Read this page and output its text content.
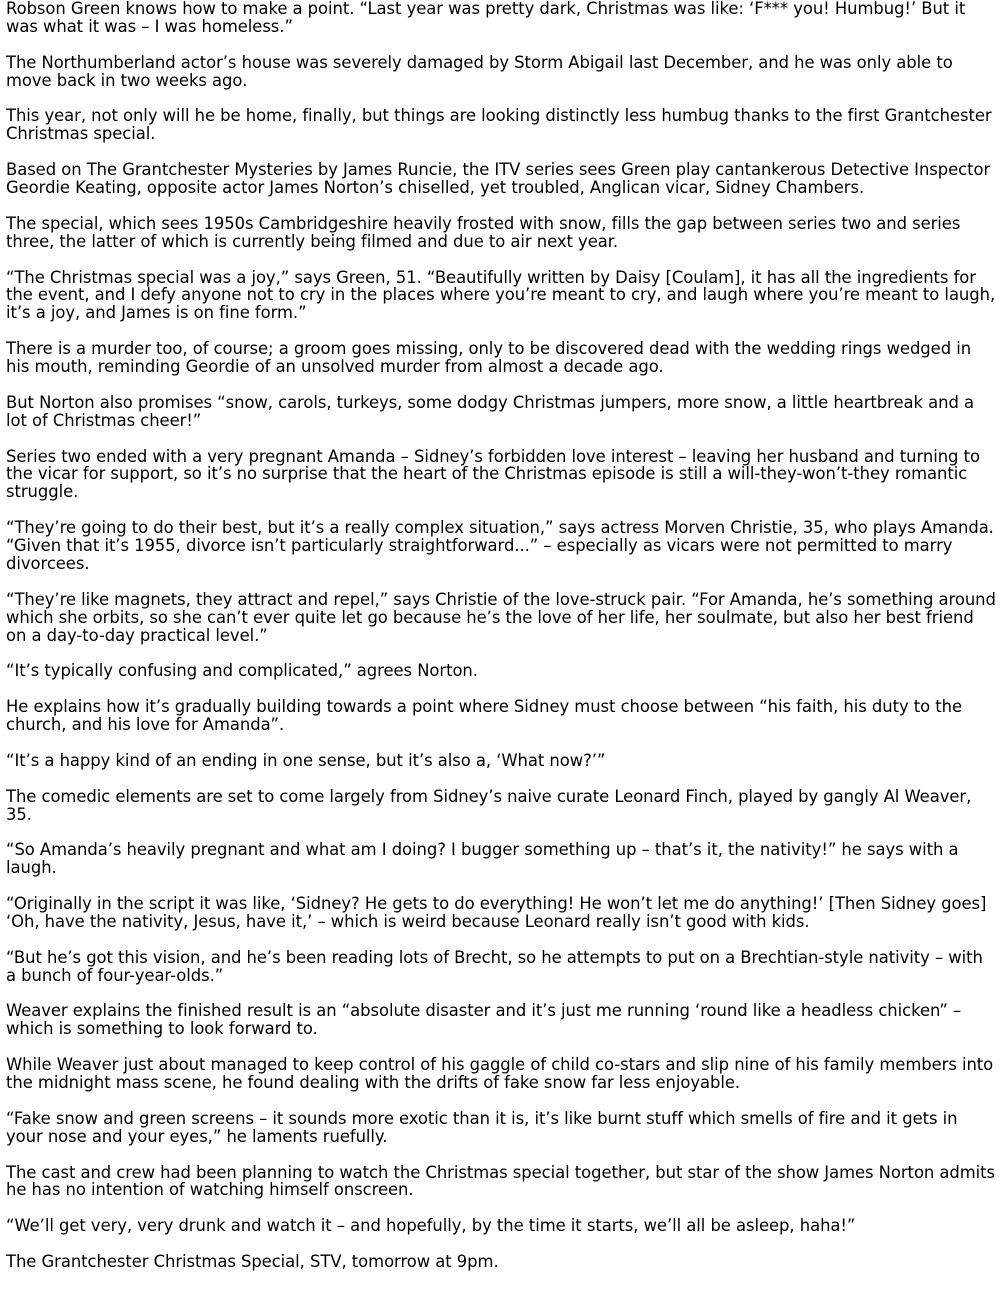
Robson Green knows how to make a point. “Last year was pretty dark, Christmas was like: ‘F*** you! Humbug!’ But it was what it was – I was homeless.”

The Northumberland actor’s house was severely damaged by Storm Abigail last December, and he was only able to move back in two weeks ago.

This year, not only will he be home, finally, but things are looking distinctly less humbug thanks to the first Grantchester Christmas special.

Based on The Grantchester Mysteries by James Runcie, the ITV series sees Green play cantankerous Detective Inspector Geordie Keating, opposite actor James Norton’s chiselled, yet troubled, Anglican vicar, Sidney Chambers.

The special, which sees 1950s Cambridgeshire heavily frosted with snow, fills the gap between series two and series three, the latter of which is currently being filmed and due to air next year.

“The Christmas special was a joy,” says Green, 51. “Beautifully written by Daisy [Coulam], it has all the ingredients for the event, and I defy anyone not to cry in the places where you’re meant to cry, and laugh where you’re meant to laugh, it’s a joy, and James is on fine form.”

There is a murder too, of course; a groom goes missing, only to be discovered dead with the wedding rings wedged in his mouth, reminding Geordie of an unsolved murder from almost a decade ago.

But Norton also promises “snow, carols, turkeys, some dodgy Christmas jumpers, more snow, a little heartbreak and a lot of Christmas cheer!”

Series two ended with a very pregnant Amanda – Sidney’s forbidden love interest – leaving her husband and turning to the vicar for support, so it’s no surprise that the heart of the Christmas episode is still a will-they-won’t-they romantic struggle.

“They’re going to do their best, but it’s a really complex situation,” says actress Morven Christie, 35, who plays Amanda. “Given that it’s 1955, divorce isn’t particularly straightforward...” – especially as vicars were not permitted to marry divorcees.

“They’re like magnets, they attract and repel,” says Christie of the love-struck pair. “For Amanda, he’s something around which she orbits, so she can’t ever quite let go because he’s the love of her life, her soulmate, but also her best friend on a day-to-day practical level.”

“It’s typically confusing and complicated,” agrees Norton.

He explains how it’s gradually building towards a point where Sidney must choose between “his faith, his duty to the church, and his love for Amanda”.

“It’s a happy kind of an ending in one sense, but it’s also a, ‘What now?’”

The comedic elements are set to come largely from Sidney’s naive curate Leonard Finch, played by gangly Al Weaver, 35.

“So Amanda’s heavily pregnant and what am I doing? I bugger something up – that’s it, the nativity!” he says with a laugh.

“Originally in the script it was like, ‘Sidney? He gets to do everything! He won’t let me do anything!’ [Then Sidney goes] ‘Oh, have the nativity, Jesus, have it,’ – which is weird because Leonard really isn’t good with kids.

“But he’s got this vision, and he’s been reading lots of Brecht, so he attempts to put on a Brechtian-style nativity – with a bunch of four-year-olds.”

Weaver explains the finished result is an “absolute disaster and it’s just me running ‘round like a headless chicken” – which is something to look forward to.

While Weaver just about managed to keep control of his gaggle of child co-stars and slip nine of his family members into the midnight mass scene, he found dealing with the drifts of fake snow far less enjoyable.

“Fake snow and green screens – it sounds more exotic than it is, it’s like burnt stuff which smells of fire and it gets in your nose and your eyes,” he laments ruefully.

The cast and crew had been planning to watch the Christmas special together, but star of the show James Norton admits he has no intention of watching himself onscreen.

“We’ll get very, very drunk and watch it – and hopefully, by the time it starts, we’ll all be asleep, haha!”

The Grantchester Christmas Special, STV, tomorrow at 9pm.
